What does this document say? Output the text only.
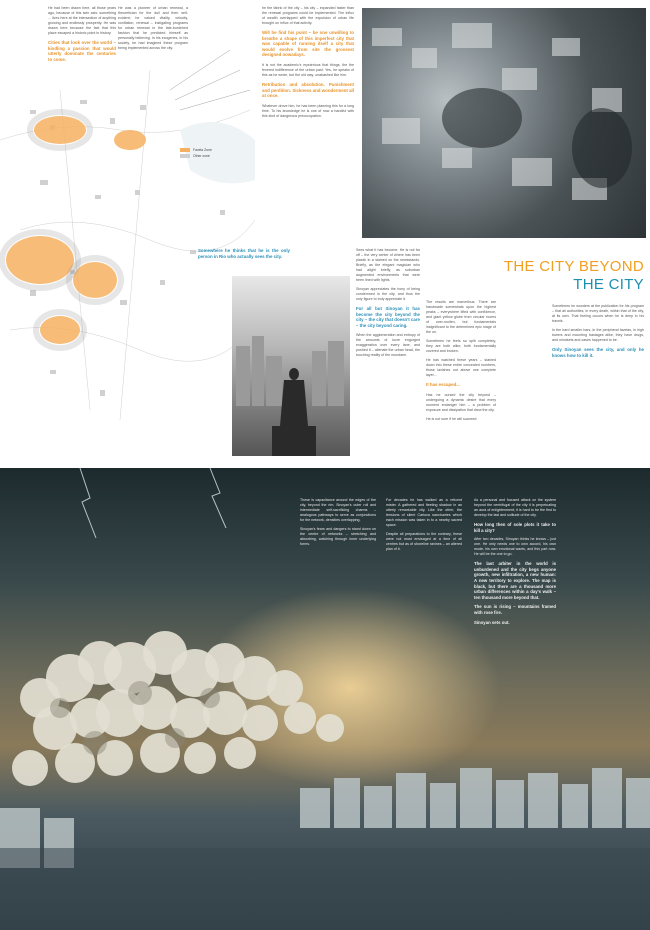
He had been drawn here, all those years ago, because of this twin axis: something ... lives here at the intersection of anything growing and endlessly prosperity. He was drawn here because the fact that this place escaped a historic point in history.

Cities that look over the world – kindling a passion that would utterly dominate the centuries to come.

He was a pioneer of urban renewal, a theoretician for the dull and then self-evident; he valued vitality, velocity, conflation, renewal – instigating programs for urban renewal in the late-burdened fashion that he predicted himself as personally believing. In his exogenes, in his society, he had imagined these program being implemented across the city.

he the fabric of the city – his city – expanded faster than the renewal programs could be implemented. The influx of wealth overlapped with the expulsion of urban life brought on influx of that activity.

Will he find his point – be one unwilling to breathe a shape of this imperfect city that was capable of running itself a city that would evolve from site the grossest designed nowadays.

It is not the academic's mysterious that things, the the fevered indifference of the urban past. Yes, he speaks of this as he wrote, but the old way, unabashed like him.

Retribution and absolution. Punishment and perdition. Sickness and wonderment all at once.

Whatever drove him, he has been planning this for a long time. To his knowledge he is one of now a handful with this kind of dangerous preoccupation.

Favela Zone
Other zone
Somewhere he thinks that he is the only person in Rio who actually sees the city.

Sees what it has become. He is not far off – the very center of where has been plastic in a stained on the newsstands. Briefly, as the elegant magician who had alight briefly, as suburban augmented environments that were been lined with lights.

Sinoyan appreciates the irony of being condemned in the city, and thus the only figure to truly appreciate it.

For all but Sinoyan it has become the city beyond the city – the city that doesn't care – the city beyond caring.

When the agglomeration and entropy of the amounts of lucre engorged exaggeration over every lane, and pushed it – alienate the urban head, the touching reality of the mundane.

THE CITY BEYOND
THE CITY

The results are marvellous. There are handmade somewhats upon the highest peaks – everywhere lifted with confidence, and giant yellow globe from circular rooms of over-mollen, but fundamentals insignificant to the determined epic mage of the un.

Sometimes he feels so split completely, they are both alike, both fundamentally covered and broken.

He has watched these years – stained down into these entire concealed numbers, those lavishes out above one complete layer...

It has escaped...

Has he cursed the city beyond – undergoing a dynamic desire that every moment endanger him – a problem of exposure and dissipation that drew the city.

He is not sure if he will succeed.

Sometimes he wonders at the publication for his program – that all authorities, in every death, within that of the city, at its own. That feeling occurs when he is deep in his travels.

In the hard smaller bars, in the peripheral favelas, in high towers and mounting bastages alike, they have drugs, and mindsets and cases happened to be.

Only Sinoyan sees the city, and only he knows how to kill it.

These is capacitance around the edges of the city, beyond the rim. Sinoyan's outer roll and intermediate self-sacrificing charms – analogous pathways to serve as conjunctions for the network, densities overlapping.

Sinoyan's fears and dangers to stand down on the centre of networks – stretching and absorbing, watching through inner underlying forms.

For decades he has walked as a reticent mister. A gathered and fleeting shadow in an utterly remarkable city. Like the other, the tensions of silent Carioca sanctuaries which each mission was taken in to a nearby sacred space.

Despite all preparations to the contrary, these were not most envisaged at a time of all centres but as of shoreline ravines – an altered plan of it.

As a personal and focused attack on the system beyond the centrifugal of the city it is perpetuating an aura of enlightenment; it is hard to be the first to develop the last and solitude of the city.

How long then of sole plots it take to kill a city?

After two decades, Sinoyan thinks he knows – just one. He only needs one to own accord, his own mode, his own emotional wants, and this part now. He will be the one to go.

The last arbiter in the world is unburdened and the city begs anyone growth, new infiltration, a new human: A new territory to explore. The map is black, but there are a thousand more urban differences within a day's walk – ten thousand more beyond that.
The sun is rising – mountains framed with rose fire.
Sinoyan sets out.
